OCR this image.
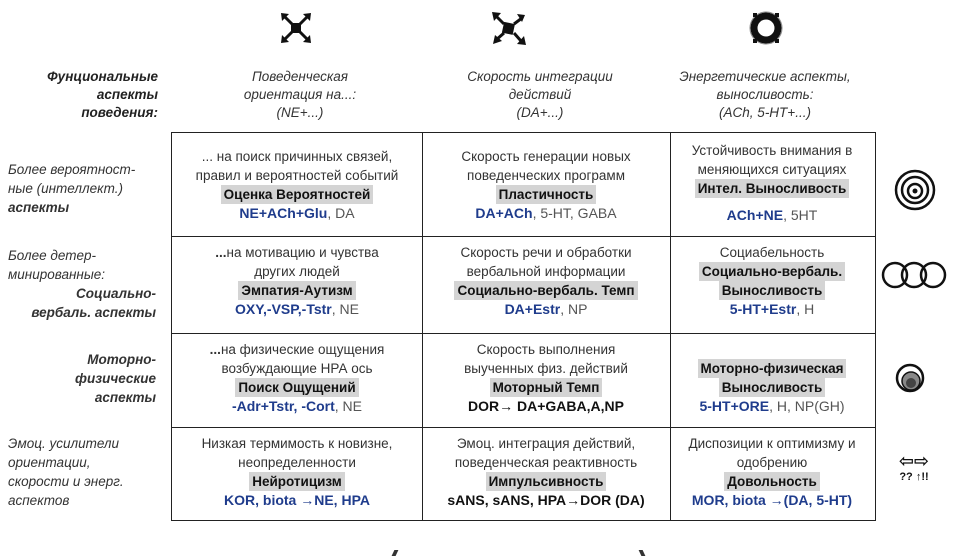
Фунциональные
аспекты
поведения:
Поведенческая
ориентация на...:
(NE+...)
Скорость интеграции
действий
(DA+...)
Энергетические аспекты,
выносливость:
(ACh, 5-HT+...)
Более вероятност-
ные (интеллект.)
аспекты
Более детер-
минированные:
Социально-
вербаль. аспекты
Моторно-
физические
аспекты
Эмоц. усилители
ориентации,
скорости и энерг.
аспектов
... на поиск причинных связей,
правил и вероятностей событий
Оценка Вероятностей
NE+ACh+Glu, DA
Скорость генерации новых
поведенческих программ
Пластичность
DA+ACh, 5-HT, GABA
Устойчивость внимания в
меняющихся ситуациях
Интел. Выносливость
ACh+NE, 5HT
...на мотивацию и чувства
других людей
Эмпатия-Аутизм
OXY,-VSP,-Tstr, NE
Скорость речи и обработки
вербальной информации
Социально-вербаль. Темп
DA+Estr, NP
Социабельность
Социально-вербаль.
Выносливость
5-HT+Estr, H
...на физические ощущения
возбуждающие НРА ось
Поиск Ощущений
-Adr+Tstr, -Cort, NE
Скорость выполнения
выученных физ. действий
Моторный Темп
DOR→ DA+GABA,A,NP
Моторно-физическая
Выносливость
5-HT+ORE, H, NP(GH)
Низкая термимость к новизне,
неопределенности
Нейротицизм
KOR, biota →NE, HPA
Эмоц. интеграция действий,
поведенческая реактивность
Импульсивность
sANS, sANS, HPA→DOR (DA)
Диспозиции к оптимизму и
одобрению
Довольность
MOR, biota →(DA, 5-HT)
⇦⇨
?? ↑!!
